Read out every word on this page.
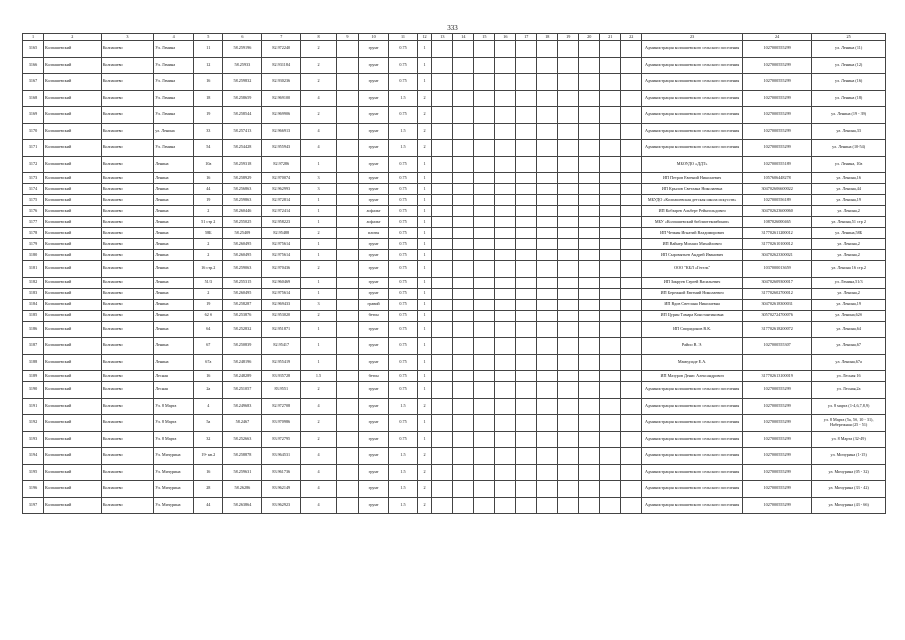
333
1	2	3	4	5	6	7	8	9	10	11	12	13	14	15	16	17	18	19	20	21	22	23	24	25
3165	Колпашевский	Колпашево	Ул. Ленина	11	58.259196	82.972240	2		грунт	0.75	1											Администрация колпашевского сельского поселения	1027000555299	ул. Ленина (11)
3166	Колпашевский	Колпашево	Ул. Ленина	12	58.25933	82.931184	2		грунт	0.75	1											Администрация колпашевского сельского поселения	1027000555299	ул. Ленина (12)
3167	Колпашевский	Колпашево	Ул. Ленина	16	58.259832	82.930236	2		грунт	0.75	1											Администрация колпашевского сельского поселения	1027000555299	ул. Ленина (16)
3168	Колпашевский	Колпашево	Ул. Ленина	18	58.258659	82.969100	4		грунт	1.5	2											Администрация колпашевского сельского поселения	1027000555299	ул. Ленина (18)
3169	Колпашевский	Колпашево	Ул. Ленина	19	58.258544	82.969906	2		грунт	0.75	2											Администрация колпашевского сельского поселения	1027000555299	ул. Ленина (19 - 39)
3170	Колпашевский	Колпашево	ул. Ленина	33	58.257413	82.966913	4		грунт	1.5	2											Администрация колпашевского сельского поселения	1027000555299	ул. Ленина,33
3171	Колпашевский	Колпашево	Ул. Ленина	54	58.254428	82.955943	4		грунт	1.5	2											Администрация колпашевского сельского поселения	1027000555299	ул. Ленина (10-54)
3172	Колпашевский	Колпашево	Ленина	10a	58.259318	82.97286	1		грунт	0.75	1											МБОУДО «ДДТ»	1027000555189	ул. Ленина, 10а
3173	Колпашевский	Колпашево	Ленина	16	58.258929	82.970074	3		грунт	0.75	1											ИП Петров Евгений Николаевич	1057606448278	ул. Ленина,16
3174	Колпашевский	Колпашево	Ленина	44	58.256863	82.962993	3		грунт	0.75	1											ИП Крылов Светлана Николаевна	304702606600022	ул. Ленина,44
3175	Колпашевский	Колпашево	Ленина	19	58.259863	82.972814	1		грунт	0.75	1											МБУДО «Колпашевская детская школа искусств»	1027000556189	ул. Ленина,19
3176	Колпашевский	Колпашево	Ленина	2	58.260446	82.972414	1		асфальт	0.75	1											ИП Кобзарев Альберт Рейнгольдович	304702623600060	ул. Ленина,2
3177	Колпашевский	Колпашево	Ленина	51 стр 2	58.255025	82.958223	1		асфальт	0.75	1											МБУ «Колпашевский библиотекомбинат»	1087026000465	ул. Ленина,51 стр 2
3178	Колпашевский	Колпашево	Ленина	58Б	58.25409	82.95488	2		плиты	0.75	1											ИП Чечкин Игнатий Владимирович	317702611200012	ул. Ленина,58Б
3179	Колпашевский	Колпашево	Ленина	2	58.260495	82.975614	1		грунт	0.75	1											ИП Вайнер Михаил Михайлович	317702610100012	ул. Ленина,2
3180	Колпашевский	Колпашево	Ленина	2	58.260495	82.975614	1		грунт	0.75	1											ИП Сыромятьев Андрей Иванович	304702623300021	ул. Ленина,2
3181	Колпашевский	Колпашево	Ленина	16 стр.2	58.259063	82.970436	2		грунт	0.75	1											ООО "КБЛ «Гегель"	1037000013659	ул. Ленина 16 стр.2
3182	Колпашевский	Колпашево	Ленина	51/3	58.255315	82.960469	1		грунт	0.75	1											ИП Закруев Сергей Васильевич	304702609300017	ул. Ленина,51/3
3183	Колпашевский	Колпашево	Ленина	2	58.260495	82.975614	1		грунт	0.75	1											ИП Бережной Евгений Николаевич	317702602700012	ул. Ленина,2
3184	Колпашевский	Колпашево	Ленина	19	58.258287	82.969433	3		гравий	0.75	1											ИП Вдов Светлана Николаевна	304702618300031	ул. Ленина,19
3185	Колпашевский	Колпашево	Ленина	62 б	58.253876	82.953020	2		бетон	0.75	1											ИП Цурин Тамара Константиновна	305702724700076	ул. Ленина,62б
3186	Колпашевский	Колпашево	Ленина	64	58.252832	82.951871	1		грунт	0.75	1											ИП Спиридонов В.К.	317702618200072	ул. Ленина,64
3187	Колпашевский	Колпашево	Ленина	67	58.250839	82.95417	1		грунт	0.75	1											Райпо В. Э.	1027000555307	ул. Ленина,67
3188	Колпашевский	Колпашево	Ленина	67а	58.248196	82.955419	1		грунт	0.75	1											Мамедзаде Е.А.		ул. Ленина,67а
3189	Колпашевский	Колпашево	Лесная	16	58.248289	83.935728	1.5		бетон	0.75	1											ИП Мазуров Денис Александрович	317702613100019	ул. Лесная 16
3190	Колпашевский	Колпашево	Лесная	2а	58.251057	83.9551	2		грунт	0.75	1											Администрация колпашевского сельского поселения	1027000555299	ул. Лесная,2а
3191	Колпашевский	Колпашево	Ул. 8 Марта	4	58.249683	82.972708	4		грунт	1.5	2											Администрация колпашевского сельского поселения	1027000555299	ул. 8 марта (1-4,6,7,8,9)
3192	Колпашевский	Колпашево	Ул. 8 Марта	5а	58.2467	83.970986	2		грунт	0.75	1											Администрация колпашевского сельского поселения	1027000555299	ул. 8 Марта (5а, 5б, 10 - 31), Набережная (25 - 51)
3193	Колпашевский	Колпашево	Ул. 8 Марта	32	58.252663	83.972795	2		грунт	0.75	1											Администрация колпашевского сельского поселения	1027000555299	ул. 8 Марта (32-49)
3194	Колпашевский	Колпашево	Ул. Мичурина	19- кв.2	58.258878	83.964531	4		грунт	1.5	2											Администрация колпашевского сельского поселения	1027000555299	ул. Мичурина (1-15)
3195	Колпашевский	Колпашево	Ул. Мичурина	16	58.259631	83.961736	4		грунт	1.5	2											Администрация колпашевского сельского поселения	1027000555299	ул. Мичурина (05 - 32)
3196	Колпашевский	Колпашево	Ул. Мичурина	28	58.26286	83.962149	4		грунт	1.5	2											Администрация колпашевского сельского поселения	1027000555299	ул. Мичурина (33 - 42)
3197	Колпашевский	Колпашево	Ул. Мичурина	44	58.263864	83.962923	4		грунт	1.5	2											Администрация колпашевского сельского поселения	1027000555299	ул. Мичурина (43 - 66)
